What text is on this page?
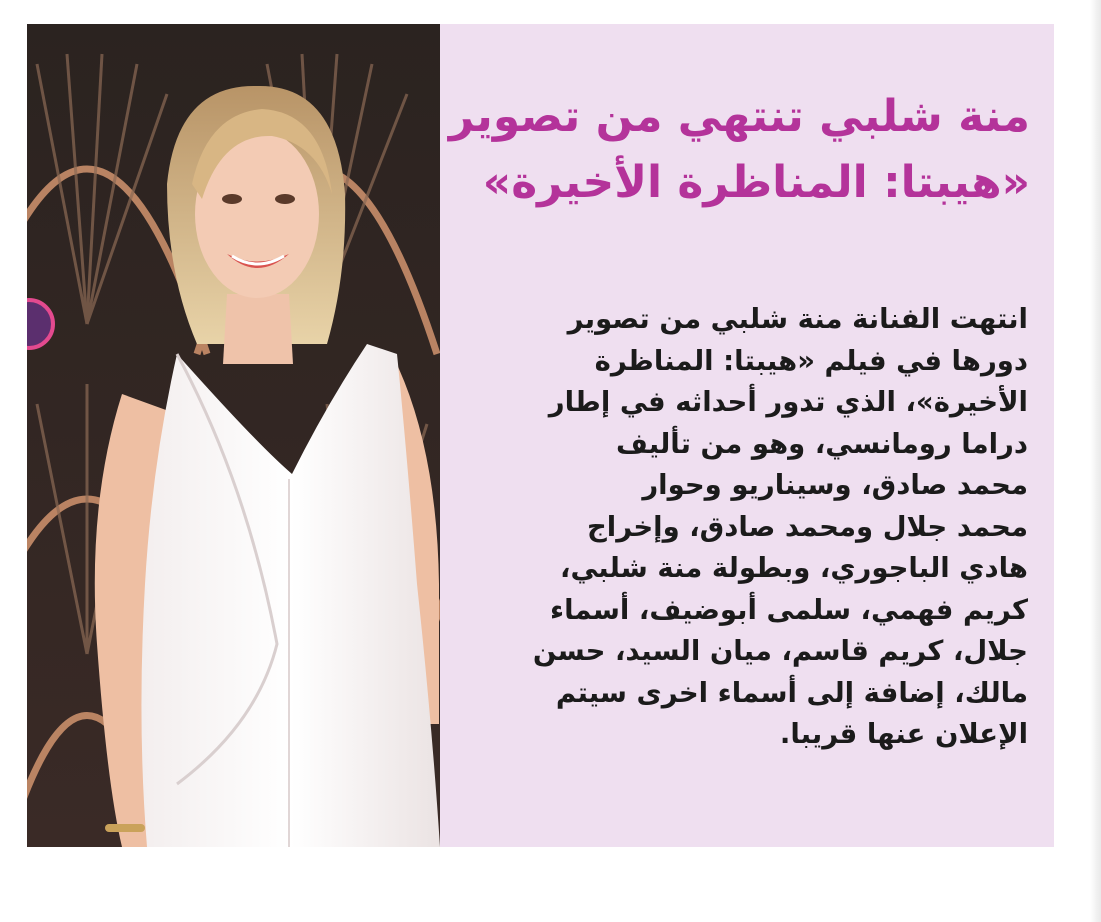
منة شلبي تنتهي من تصوير
«هيبتا: المناظرة الأخيرة»

انتهت الفنانة منة شلبي من تصوير
دورها في فيلم «هيبتا: المناظرة
الأخيرة»، الذي تدور أحداثه في إطار
دراما رومانسي، وهو من تأليف
محمد صادق، وسيناريو وحوار
محمد جلال ومحمد صادق، وإخراج
هادي الباجوري، وبطولة منة شلبي،
كريم فهمي، سلمى أبوضيف، أسماء
جلال، كريم قاسم، ميان السيد، حسن
مالك، إضافة إلى أسماء اخرى سيتم
الإعلان عنها قريبا.
